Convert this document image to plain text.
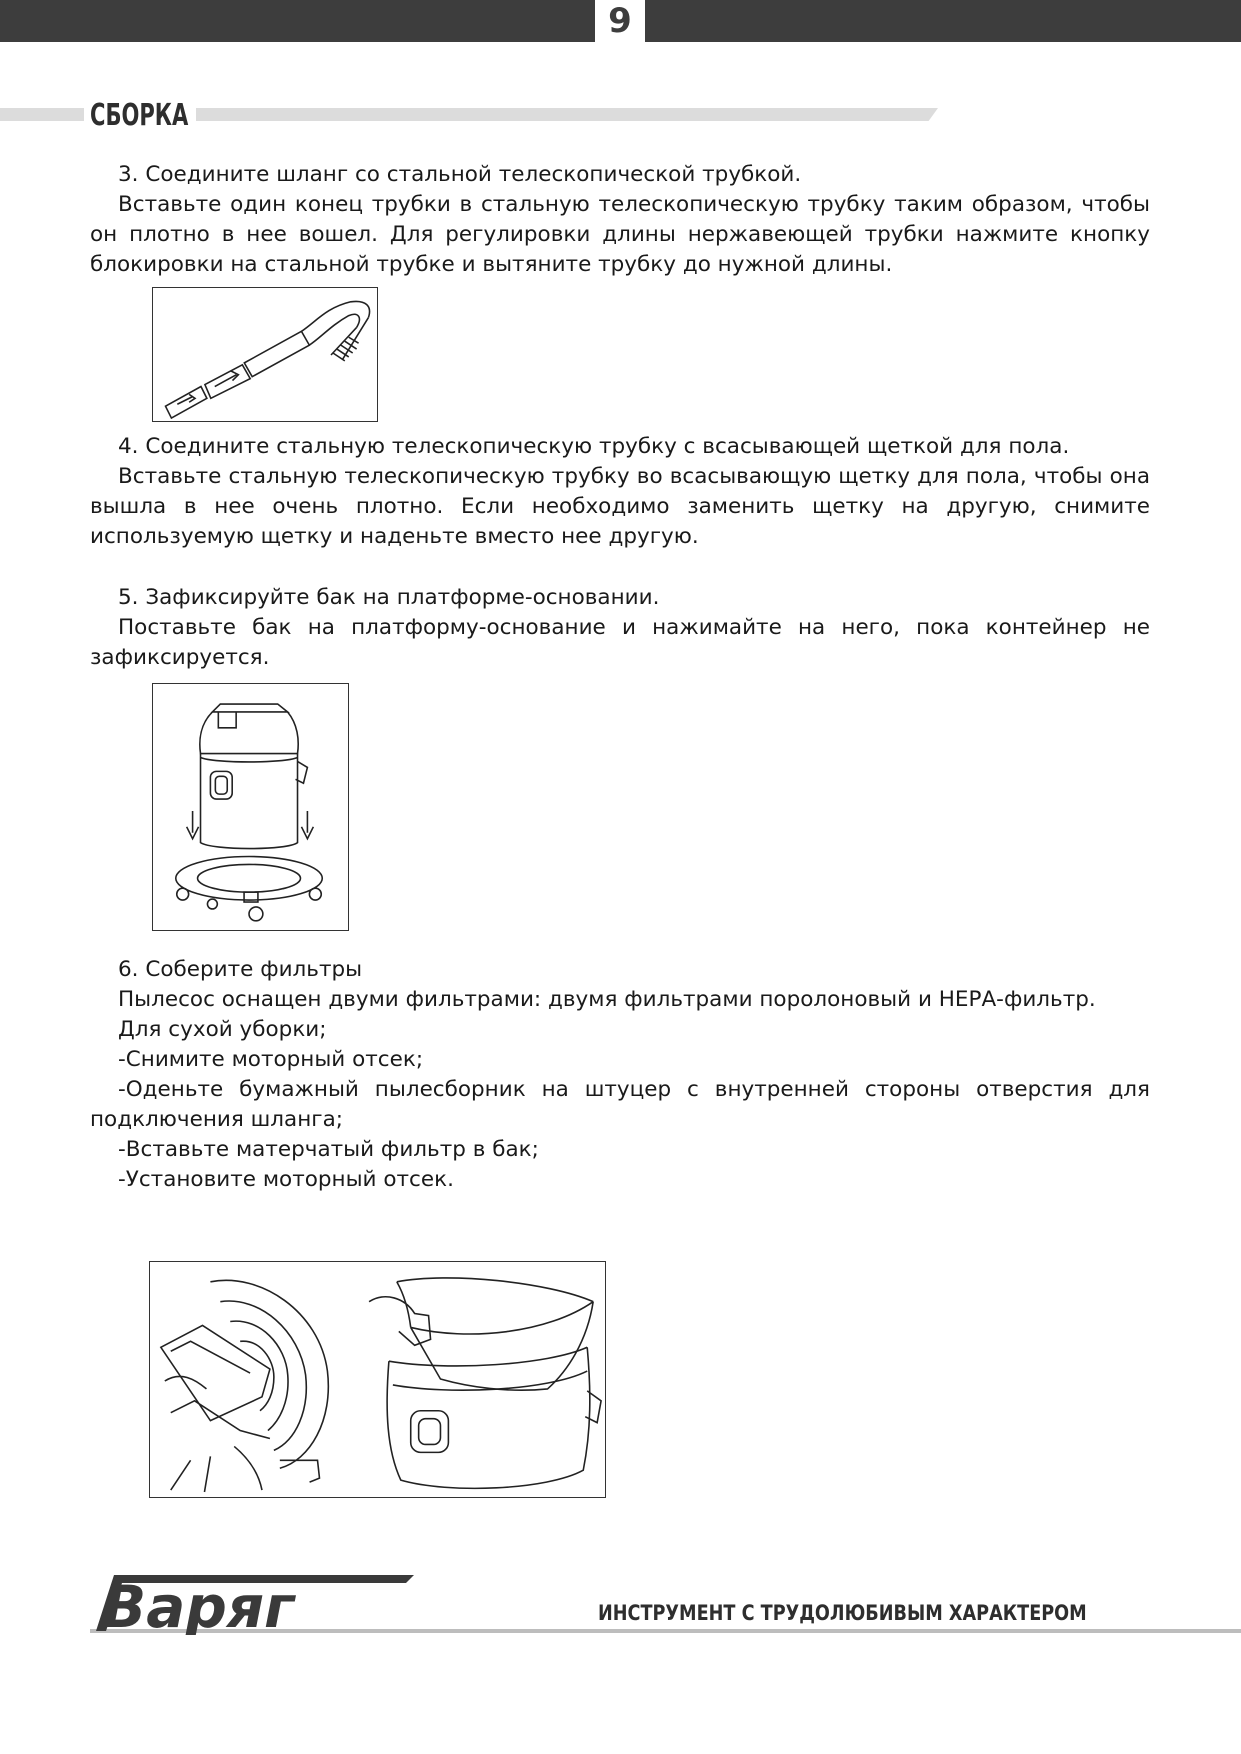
9
СБОРКА

3. Соедините шланг со стальной телескопической трубкой.

Вставьте один конец трубки в стальную телескопическую трубку таким образом, чтобы он плотно в нее вошел. Для регулировки длины нержавеющей трубки нажмите кнопку блокировки на стальной трубке и вытяните трубку до нужной длины.

4. Соедините стальную телескопическую трубку с всасывающей щеткой для пола.

Вставьте стальную телескопическую трубку во всасывающую щетку для пола, чтобы она вышла в нее очень плотно. Если необходимо заменить щетку на другую, снимите используемую щетку и наденьте вместо нее другую.

5. Зафиксируйте бак на платформе-основании.

Поставьте бак на платформу-основание и нажимайте на него, пока контейнер не зафиксируется.

6. Соберите фильтры

Пылесос оснащен двуми фильтрами: двумя фильтрами поролоновый и НЕРА-фильтр.

Для сухой уборки;

-Снимите моторный отсек;

-Оденьте бумажный пылесборник на штуцер с внутренней стороны отверстия для подключения шланга;

-Вставьте матерчатый фильтр в бак;

-Установите моторный отсек.

Варяг	ИНСТРУМЕНТ С ТРУДОЛЮБИВЫМ ХАРАКТЕРОМ
